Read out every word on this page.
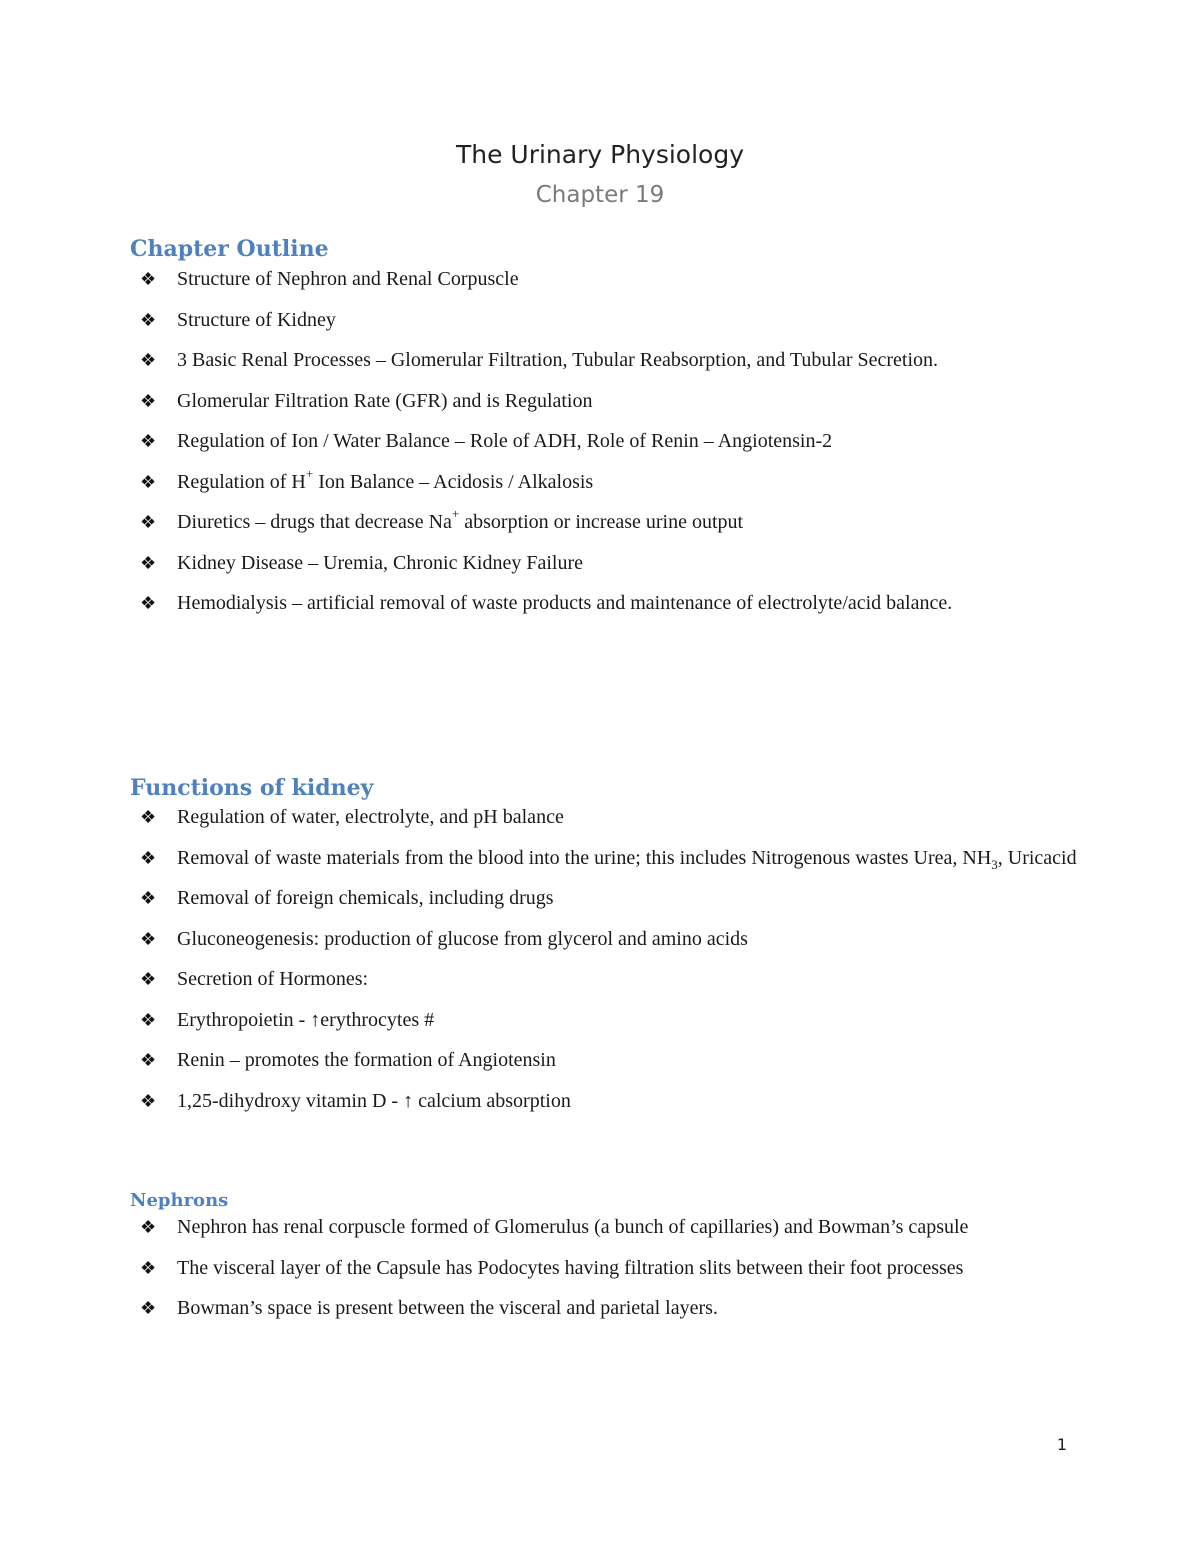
The Urinary Physiology
Chapter 19
Chapter Outline
❖ Structure of Nephron and Renal Corpuscle
❖ Structure of Kidney
❖ 3 Basic Renal Processes – Glomerular Filtration, Tubular Reabsorption, and Tubular Secretion.
❖ Glomerular Filtration Rate (GFR) and is Regulation
❖ Regulation of Ion / Water Balance – Role of ADH, Role of Renin – Angiotensin-2
❖ Regulation of H+ Ion Balance – Acidosis / Alkalosis
❖ Diuretics – drugs that decrease Na+ absorption or increase urine output
❖ Kidney Disease – Uremia, Chronic Kidney Failure
❖ Hemodialysis – artificial removal of waste products and maintenance of electrolyte/acid balance.
Functions of kidney
❖ Regulation of water, electrolyte, and pH balance
❖ Removal of waste materials from the blood into the urine; this includes Nitrogenous wastes Urea, $NH_3$, Uricacid
❖ Removal of foreign chemicals, including drugs
❖ Gluconeogenesis: production of glucose from glycerol and amino acids
❖ Secretion of Hormones:
❖ Erythropoietin - ↑erythrocytes #
❖ Renin – promotes the formation of Angiotensin
❖ 1,25-dihydroxy vitamin D - ↑ calcium absorption
Nephrons
❖ Nephron has renal corpuscle formed of Glomerulus (a bunch of capillaries) and Bowman’s capsule
❖ The visceral layer of the Capsule has Podocytes having filtration slits between their foot processes
❖ Bowman’s space is present between the visceral and parietal layers.
1
